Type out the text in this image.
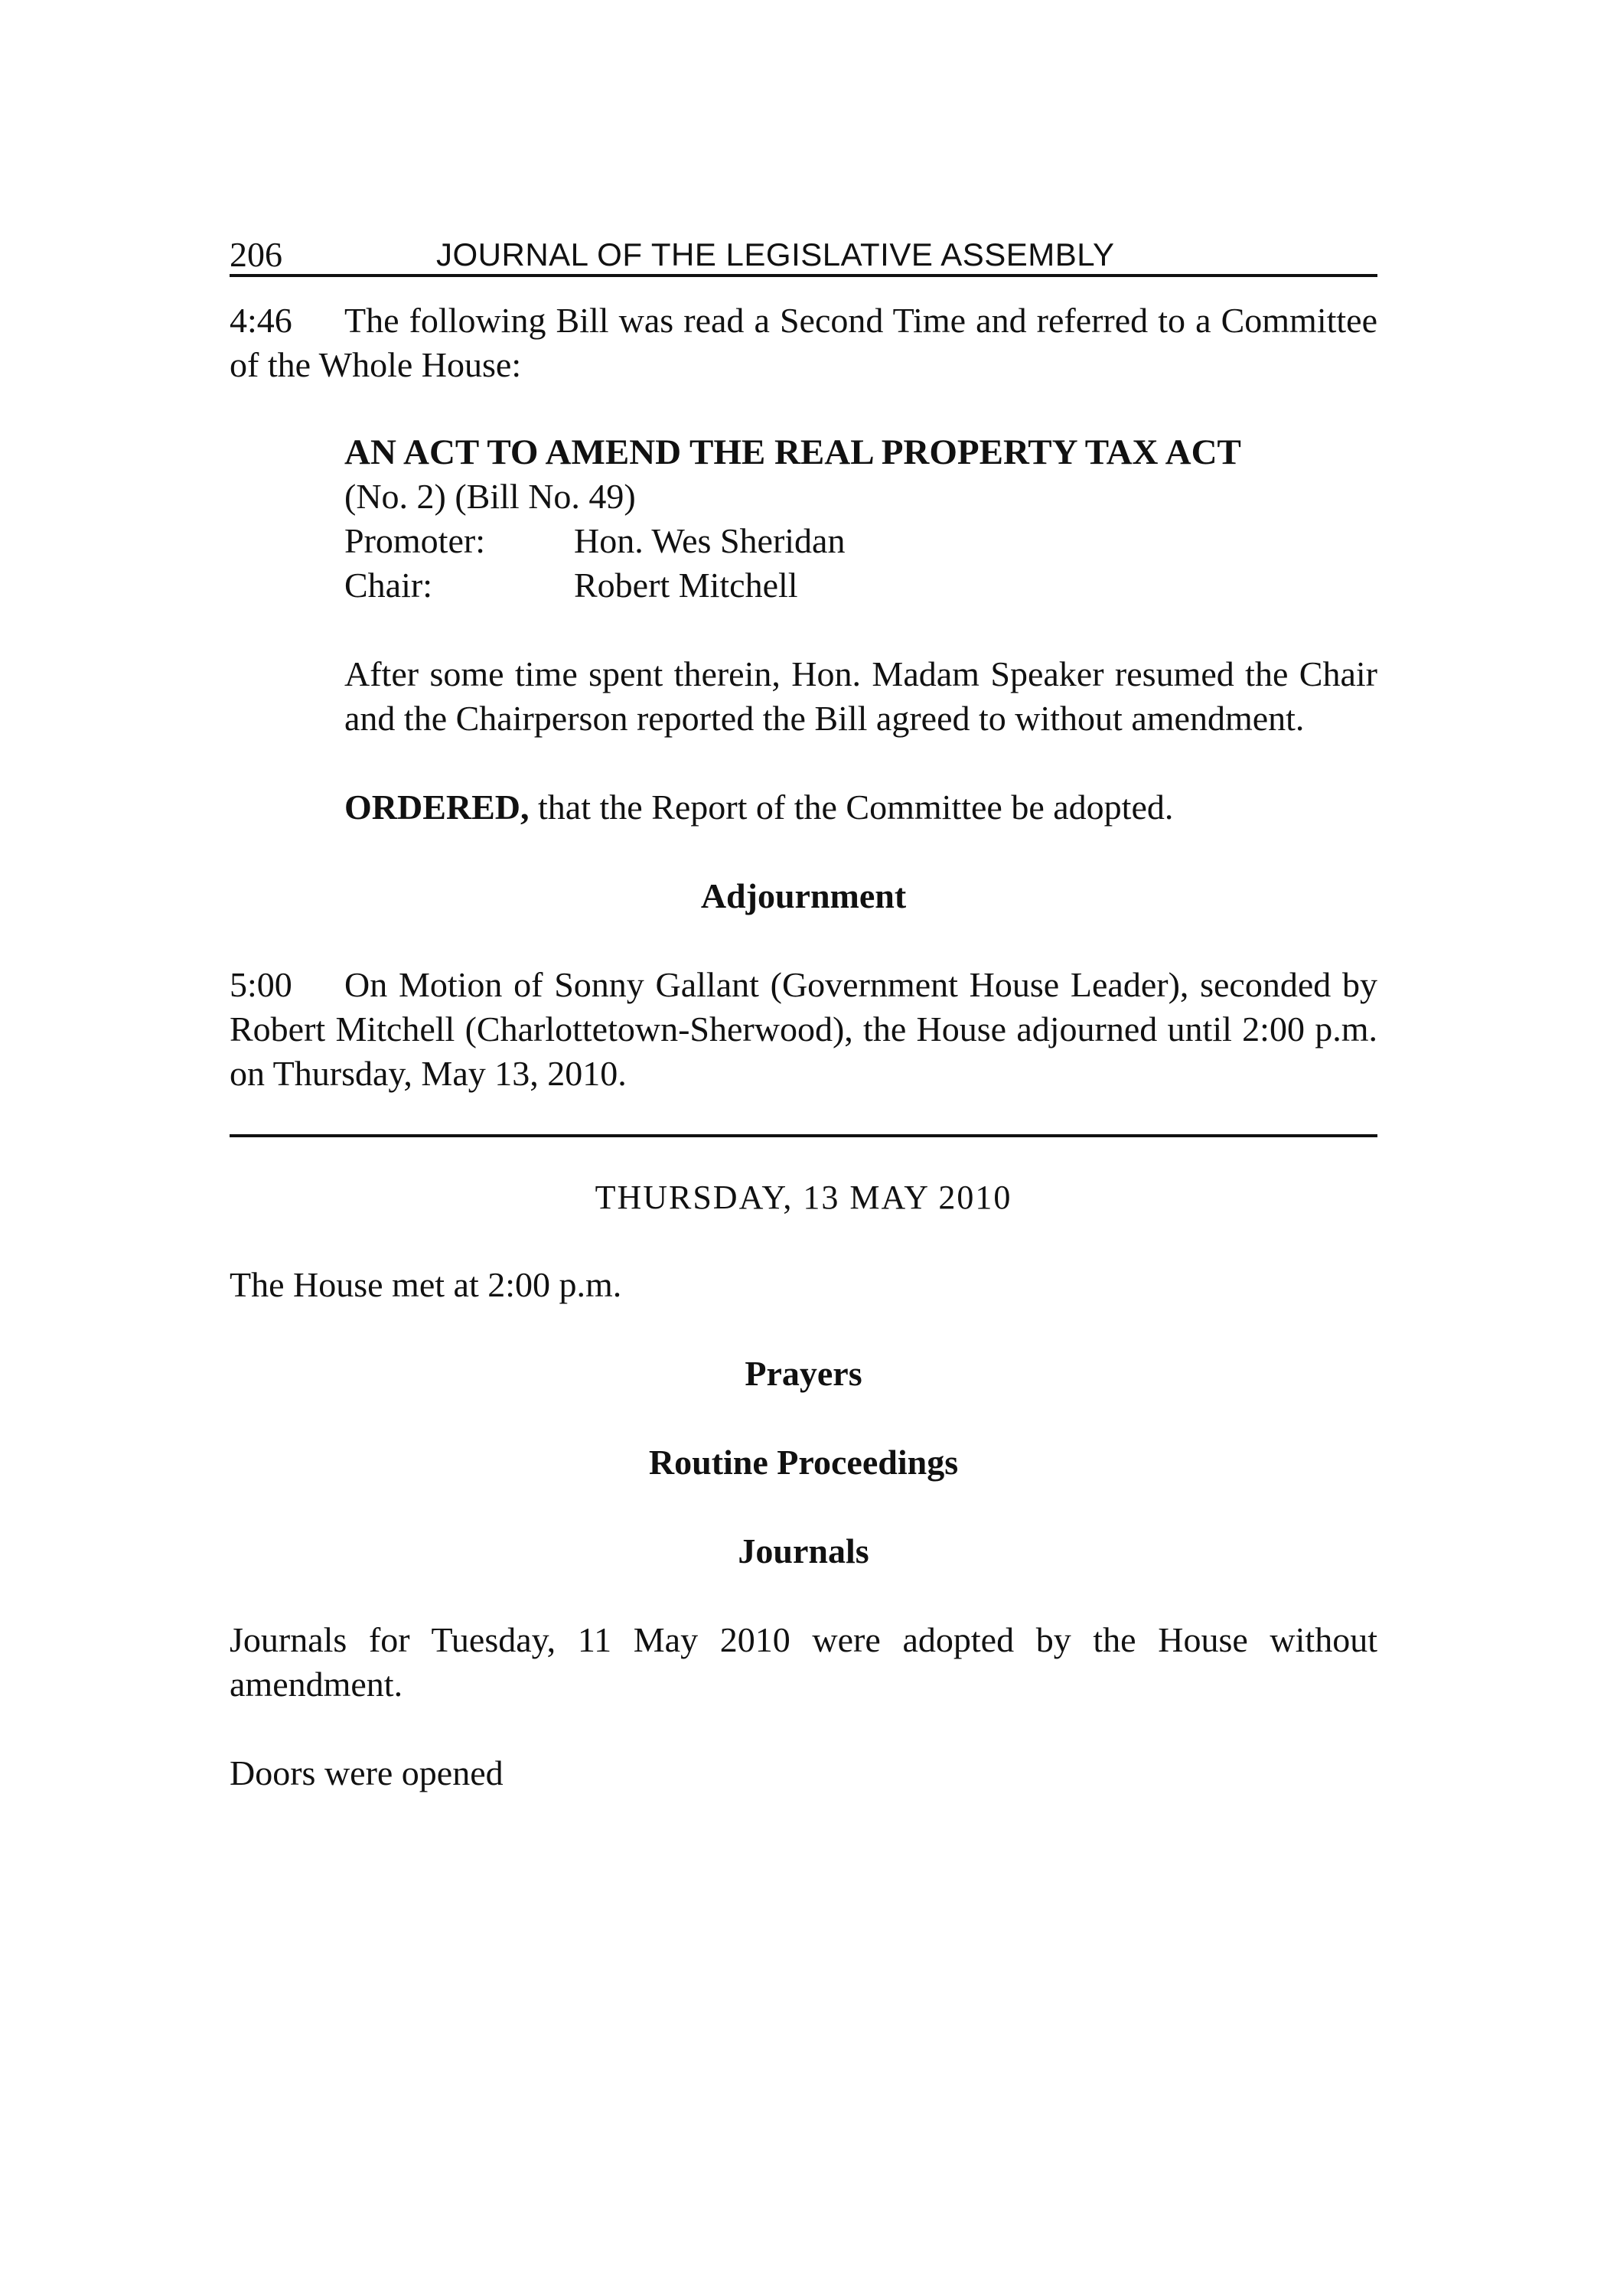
206	JOURNAL OF THE LEGISLATIVE ASSEMBLY

4:46 The following Bill was read a Second Time and referred to a Committee of the Whole House:

AN ACT TO AMEND THE REAL PROPERTY TAX ACT
(No. 2) (Bill No. 49)
Promoter:	Hon. Wes Sheridan
Chair:	Robert Mitchell

After some time spent therein, Hon. Madam Speaker resumed the Chair and the Chairperson reported the Bill agreed to without amendment.

ORDERED, that the Report of the Committee be adopted.

Adjournment

5:00 On Motion of Sonny Gallant (Government House Leader), seconded by Robert Mitchell (Charlottetown-Sherwood), the House adjourned until 2:00 p.m. on Thursday, May 13, 2010.

THURSDAY, 13 MAY 2010

The House met at 2:00 p.m.

Prayers
Routine Proceedings
Journals

Journals for Tuesday, 11 May 2010 were adopted by the House without amendment.

Doors were opened
